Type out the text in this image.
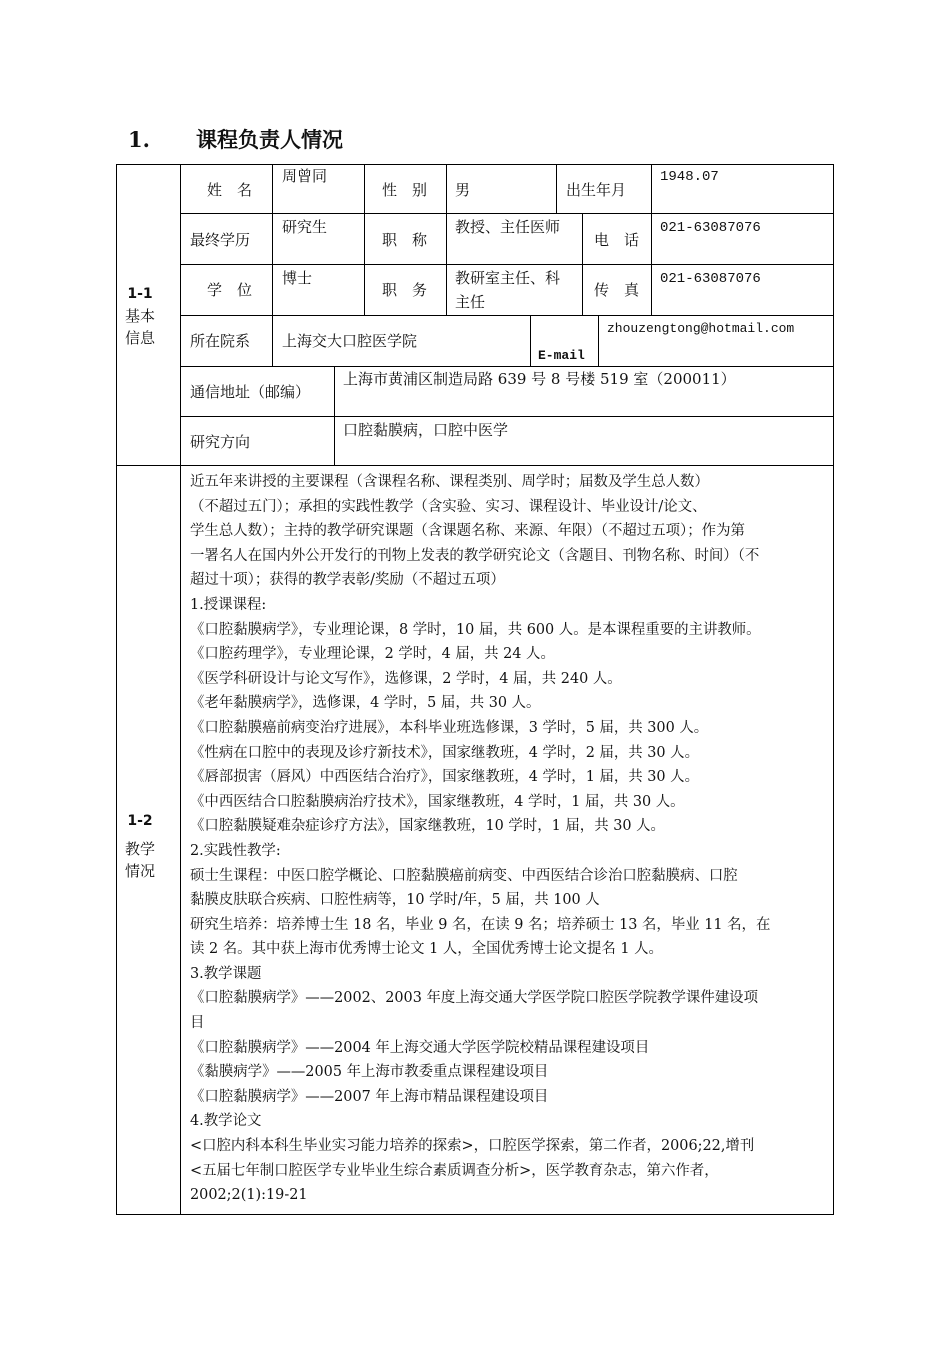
1. 课程负责人情况
1-1
基本
信息
姓　名
周曾同
性　别 男	出生年月
1948.07
最终学历
研究生
职　称
教授、主任医师
电　话
021-63087076
学　位
博士
职　务
教研室主任、科
主任
传　真
021-63087076
所在院系 上海交大口腔医学院
E-mail
zhouzengtong@hotmail.com
通信地址（邮编）
上海市黄浦区制造局路 639 号 8 号楼 519 室（200011）
研究方向
口腔黏膜病，口腔中医学
1-2
教学
情况
近五年来讲授的主要课程（含课程名称、课程类别、周学时；届数及学生总人数）
（不超过五门）；承担的实践性教学（含实验、实习、课程设计、毕业设计/论文、
学生总人数）；主持的教学研究课题（含课题名称、来源、年限）（不超过五项）；作为第
一署名人在国内外公开发行的刊物上发表的教学研究论文（含题目、刊物名称、时间）（不
超过十项）；获得的教学表彰/奖励（不超过五项）
1.授课课程:
《口腔黏膜病学》，专业理论课，8 学时，10 届，共 600 人。是本课程重要的主讲教师。
《口腔药理学》，专业理论课，2 学时，4 届，共 24 人。
《医学科研设计与论文写作》，选修课，2 学时，4 届，共 240 人。
《老年黏膜病学》，选修课，4 学时，5 届，共 30 人。
《口腔黏膜癌前病变治疗进展》，本科毕业班选修课，3 学时，5 届，共 300 人。
《性病在口腔中的表现及诊疗新技术》，国家继教班，4 学时，2 届，共 30 人。
《唇部损害（唇风）中西医结合治疗》，国家继教班，4 学时，1 届，共 30 人。
《中西医结合口腔黏膜病治疗技术》，国家继教班，4 学时，1 届，共 30 人。
《口腔黏膜疑难杂症诊疗方法》，国家继教班，10 学时，1 届，共 30 人。
2.实践性教学:
硕士生课程：中医口腔学概论、口腔黏膜癌前病变、中西医结合诊治口腔黏膜病、口腔
黏膜皮肤联合疾病、口腔性病等，10 学时/年，5 届，共 100 人
研究生培养：培养博士生 18 名，毕业 9 名，在读 9 名；培养硕士 13 名，毕业 11 名，在
读 2 名。其中获上海市优秀博士论文 1 人，全国优秀博士论文提名 1 人。
3.教学课题
《口腔黏膜病学》——2002、2003 年度上海交通大学医学院口腔医学院教学课件建设项
目
《口腔黏膜病学》——2004 年上海交通大学医学院校精品课程建设项目
《黏膜病学》——2005 年上海市教委重点课程建设项目
《口腔黏膜病学》——2007 年上海市精品课程建设项目
4.教学论文
<口腔内科本科生毕业实习能力培养的探索>，口腔医学探索，第二作者，2006;22,增刊
<五届七年制口腔医学专业毕业生综合素质调查分析>，医学教育杂志，第六作者，
2002;2(1):19-21
